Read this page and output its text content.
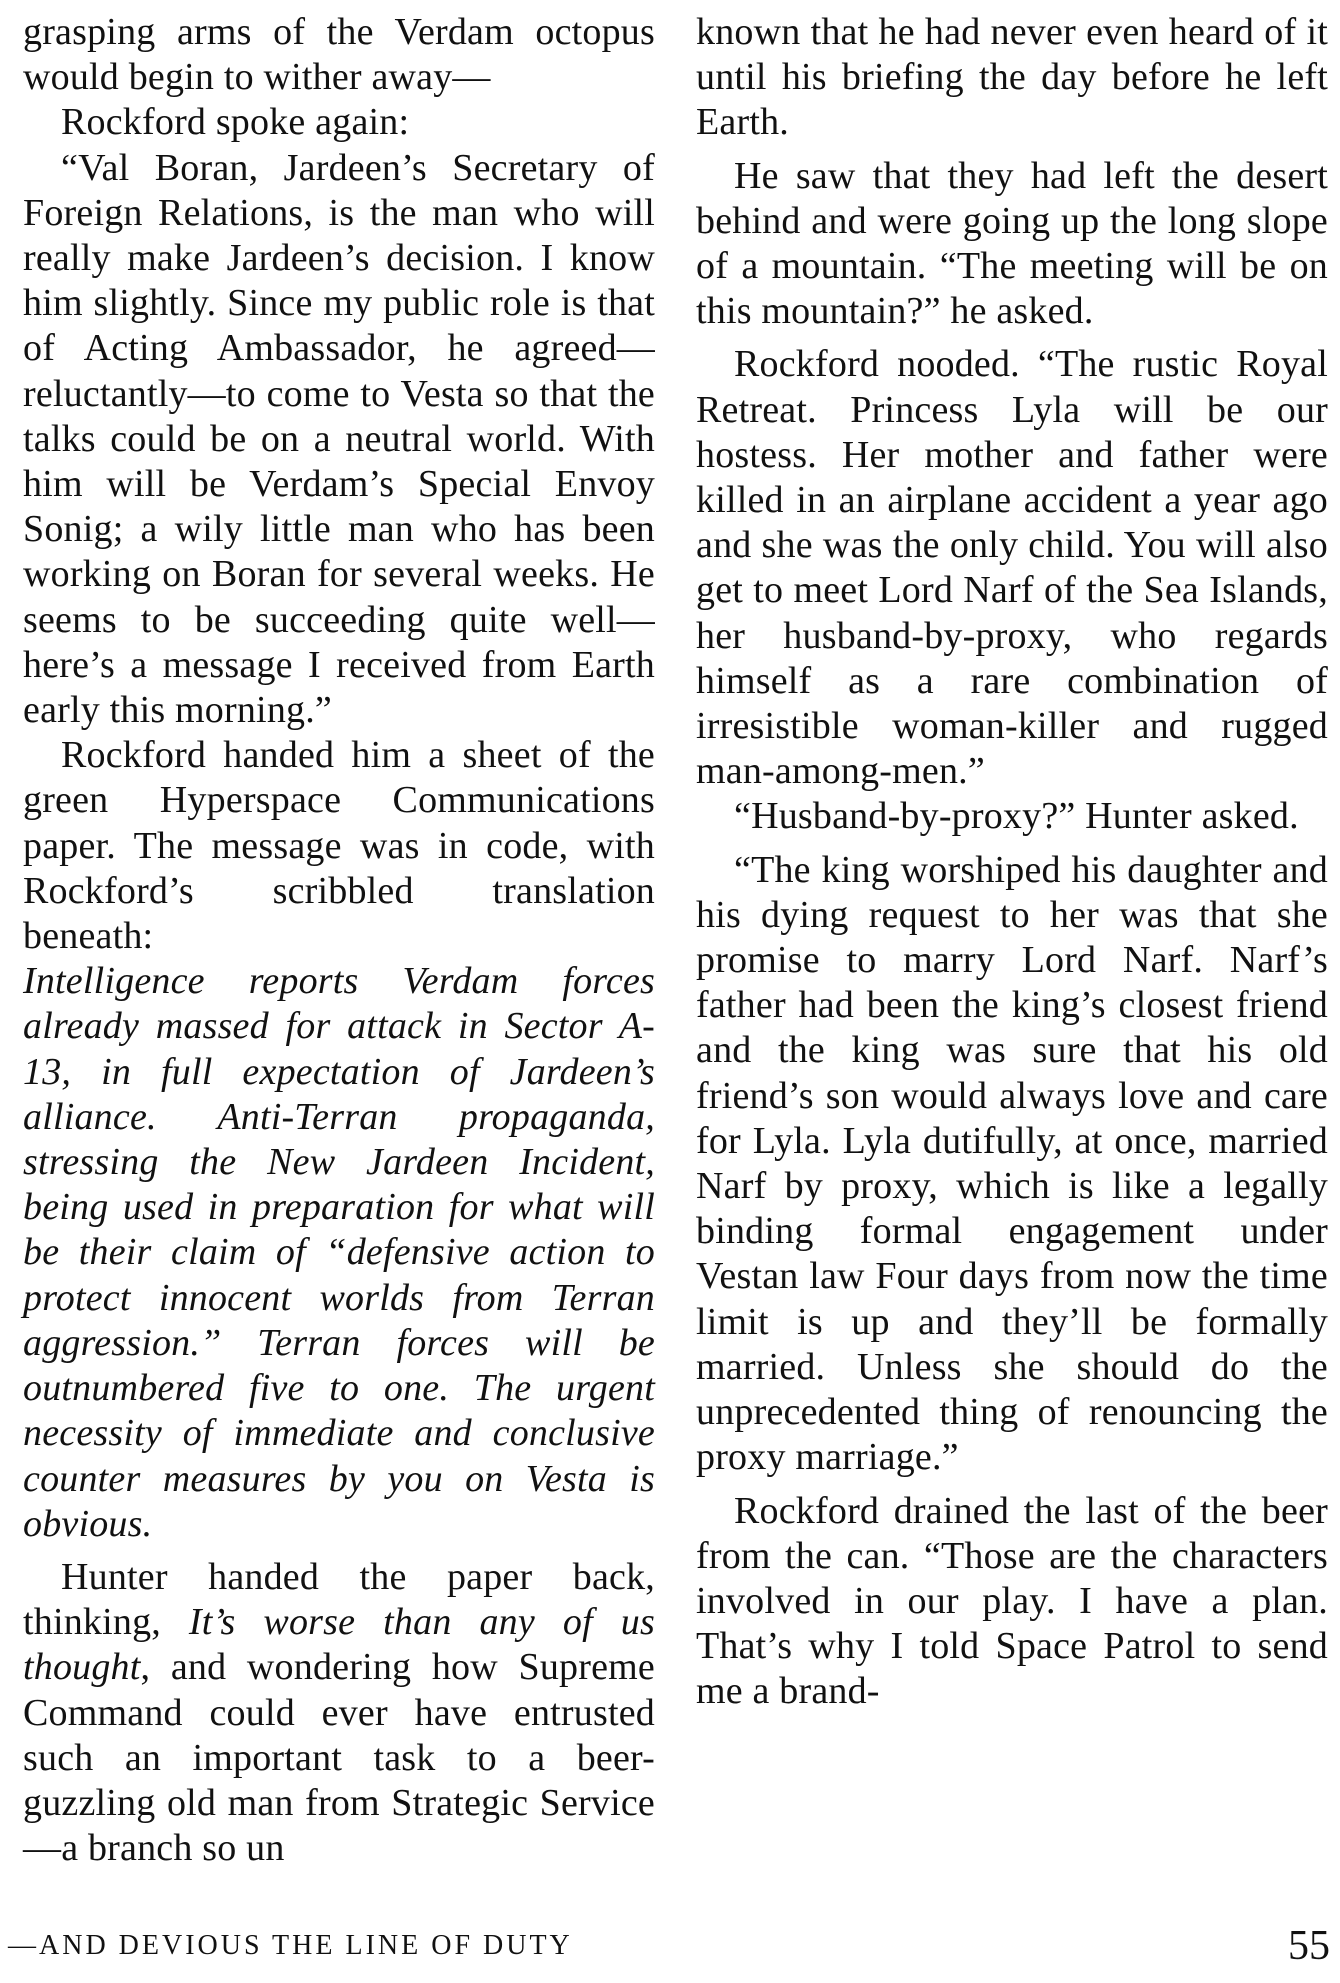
grasping arms of the Verdam octopus would begin to wither away—

Rockford spoke again:

“Val Boran, Jardeen’s Secretary of Foreign Relations, is the man who will really make Jardeen’s decision. I know him slightly. Since my public role is that of Acting Ambassador, he agreed—reluctantly—to come to Vesta so that the talks could be on a neutral world. With him will be Verdam’s Special Envoy Sonig; a wily little man who has been working on Boran for several weeks. He seems to be succeeding quite well—here’s a message I received from Earth early this morning.”

Rockford handed him a sheet of the green Hyperspace Communications paper. The message was in code, with Rockford’s scribbled translation beneath:

Intelligence reports Verdam forces already massed for attack in Sector A-13, in full expectation of Jardeen’s alliance. Anti-Terran propaganda, stressing the New Jardeen Incident, being used in preparation for what will be their claim of “defensive action to protect innocent worlds from Terran aggression.” Terran forces will be outnumbered five to one. The urgent necessity of immediate and conclusive counter measures by you on Vesta is obvious.

Hunter handed the paper back, thinking, It’s worse than any of us thought, and wondering how Supreme Command could ever have entrusted such an important task to a beer-guzzling old man from Strategic Service—a branch so un

known that he had never even heard of it until his briefing the day before he left Earth.

He saw that they had left the desert behind and were going up the long slope of a mountain. “The meeting will be on this mountain?” he asked.

Rockford nooded. “The rustic Royal Retreat. Princess Lyla will be our hostess. Her mother and father were killed in an airplane accident a year ago and she was the only child. You will also get to meet Lord Narf of the Sea Islands, her husband-by-proxy, who regards himself as a rare combination of irresistible woman-killer and rugged man-among-men.”

“Husband-by-proxy?” Hunter asked.

“The king worshiped his daughter and his dying request to her was that she promise to marry Lord Narf. Narf’s father had been the king’s closest friend and the king was sure that his old friend’s son would always love and care for Lyla. Lyla dutifully, at once, married Narf by proxy, which is like a legally binding formal engagement under Vestan law Four days from now the time limit is up and they’ll be formally married. Unless she should do the unprecedented thing of renouncing the proxy marriage.”

Rockford drained the last of the beer from the can. “Those are the characters involved in our play. I have a plan. That’s why I told Space Patrol to send me a brand-

—AND DEVIOUS THE LINE OF DUTY	55
